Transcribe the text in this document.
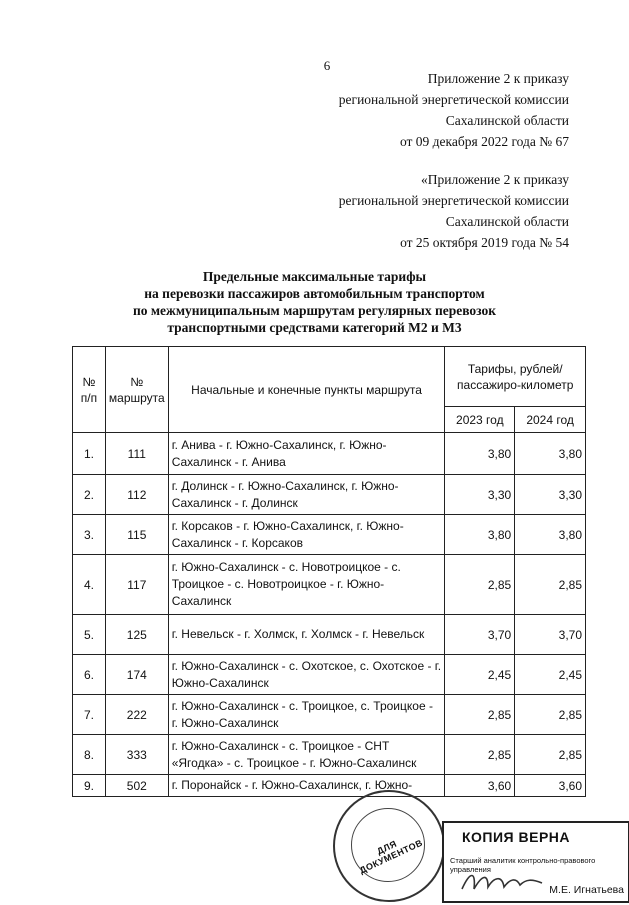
6
Приложение 2 к приказу
региональной энергетической комиссии
Сахалинской области
от 09 декабря 2022 года № 67
«Приложение 2 к приказу
региональной энергетической комиссии
Сахалинской области
от 25 октября 2019 года № 54
Предельные максимальные тарифы
на перевозки пассажиров автомобильным транспортом
по межмуниципальным маршрутам регулярных перевозок
транспортными средствами категорий М2 и М3
№ п/п	№ маршрута	Начальные и конечные пункты маршрута	Тарифы, рублей/пассажиро-километр	
			2023 год	2024 год
1.	111	г. Анива - г. Южно-Сахалинск, г. Южно-Сахалинск - г. Анива	3,80	3,80
2.	112	г. Долинск - г. Южно-Сахалинск, г. Южно-Сахалинск - г. Долинск	3,30	3,30
3.	115	г. Корсаков - г. Южно-Сахалинск, г. Южно-Сахалинск - г. Корсаков	3,80	3,80
4.	117	г. Южно-Сахалинск - с. Новотроицкое - с. Троицкое - с. Новотроицкое - г. Южно-Сахалинск	2,85	2,85
5.	125	г. Невельск - г. Холмск, г. Холмск - г. Невельск	3,70	3,70
6.	174	г. Южно-Сахалинск - с. Охотское, с. Охотское - г. Южно-Сахалинск	2,45	2,45
7.	222	г. Южно-Сахалинск - с. Троицкое, с. Троицкое - г. Южно-Сахалинск	2,85	2,85
8.	333	г. Южно-Сахалинск - с. Троицкое - СНТ «Ягодка» - с. Троицкое - г. Южно-Сахалинск	2,85	2,85
9.	502	г. Поронайск - г. Южно-Сахалинск, г. Южно-	3,60	3,60
ДЛЯ ДОКУМЕНТОВ
КОПИЯ ВЕРНА
Старший аналитик контрольно-правового управления
М.Е. Игнатьева
